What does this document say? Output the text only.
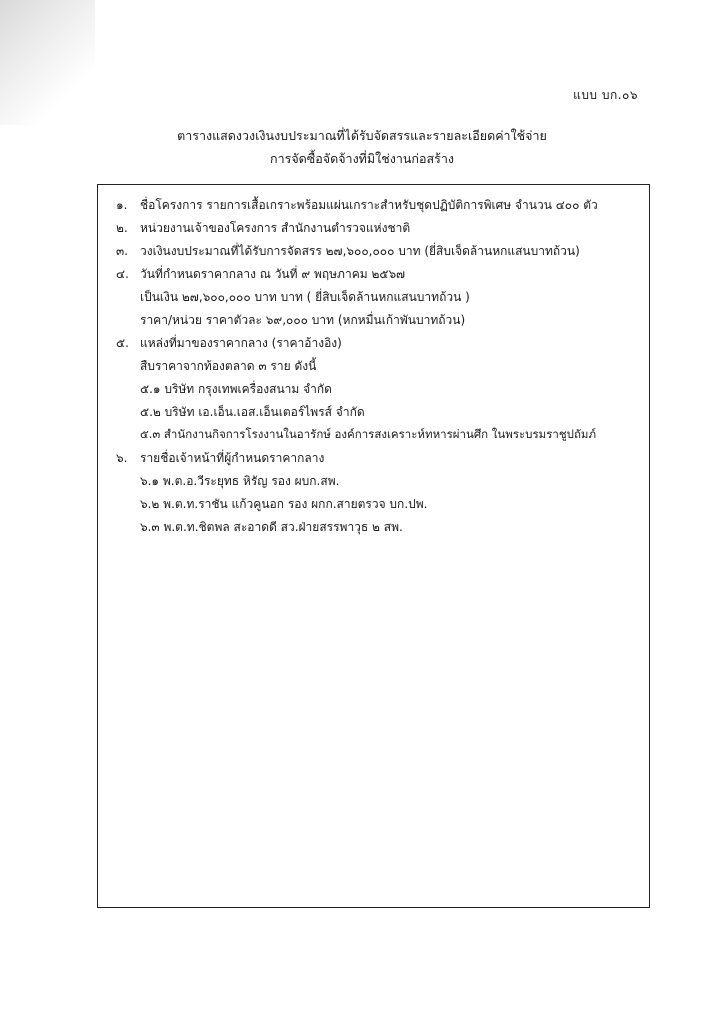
แบบ บก.๐๖
ตารางแสดงวงเงินงบประมาณที่ได้รับจัดสรรและรายละเอียดค่าใช้จ่าย
การจัดซื้อจัดจ้างที่มิใช่งานก่อสร้าง
๑. ชื่อโครงการ รายการเสื้อเกราะพร้อมแผ่นเกราะสำหรับชุดปฏิบัติการพิเศษ จำนวน ๔๐๐ ตัว
๒. หน่วยงานเจ้าของโครงการ สำนักงานตำรวจแห่งชาติ
๓. วงเงินงบประมาณที่ได้รับการจัดสรร ๒๗,๖๐๐,๐๐๐ บาท (ยี่สิบเจ็ดล้านหกแสนบาทถ้วน)
๔. วันที่กำหนดราคากลาง ณ วันที่ ๙ พฤษภาคม ๒๕๖๗
เป็นเงิน ๒๗,๖๐๐,๐๐๐ บาท บาท ( ยี่สิบเจ็ดล้านหกแสนบาทถ้วน )
ราคา/หน่วย ราคาตัวละ ๖๙,๐๐๐ บาท (หกหมื่นเก้าพันบาทถ้วน)
๕. แหล่งที่มาของราคากลาง (ราคาอ้างอิง)
สืบราคาจากท้องตลาด ๓ ราย ดังนี้
๕.๑ บริษัท กรุงเทพเครื่องสนาม จำกัด
๕.๒ บริษัท เอ.เอ็น.เอส.เอ็นเตอร์ไพรส์ จำกัด
๕.๓ สำนักงานกิจการโรงงานในอารักษ์ องค์การสงเคราะห์ทหารผ่านศึก ในพระบรมราชูปถัมภ์
๖. รายชื่อเจ้าหน้าที่ผู้กำหนดราคากลาง
๖.๑ พ.ต.อ.วีระยุทธ หิรัญ รอง ผบก.สพ.
๖.๒ พ.ต.ท.ราชัน แก้วคูนอก รอง ผกก.สายตรวจ บก.ปพ.
๖.๓ พ.ต.ท.ชิตพล สะอาดดี สว.ฝ่ายสรรพาวุธ ๒ สพ.
